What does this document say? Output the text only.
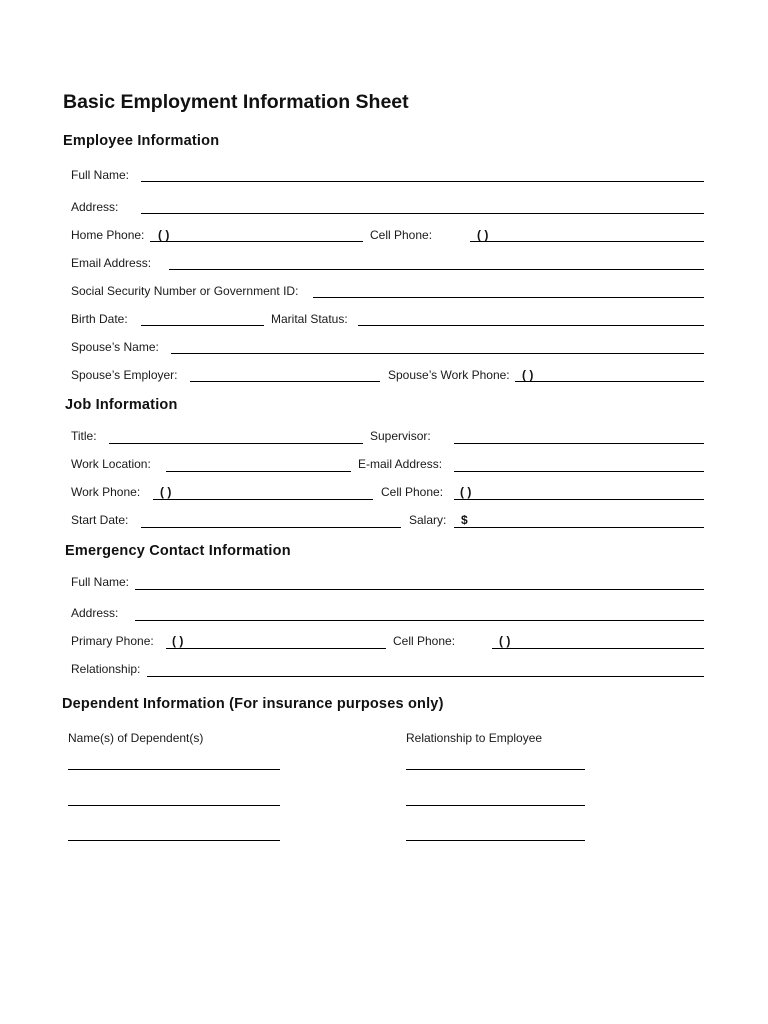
Basic Employment Information Sheet
Employee Information
Full Name:
Address:
Home Phone: ( )	Cell Phone:	( )
Email Address:
Social Security Number or Government ID:
Birth Date:	Marital Status:
Spouse’s Name:
Spouse’s Employer:	Spouse’s Work Phone: ( )
Job Information
Title:	Supervisor:
Work Location:	E-mail Address:
Work Phone: ( )	Cell Phone: ( )
Start Date:	Salary: $
Emergency Contact Information
Full Name:
Address:
Primary Phone: ( )	Cell Phone:	( )
Relationship:
Dependent Information (For insurance purposes only)
Name(s) of Dependent(s)	Relationship to Employee
